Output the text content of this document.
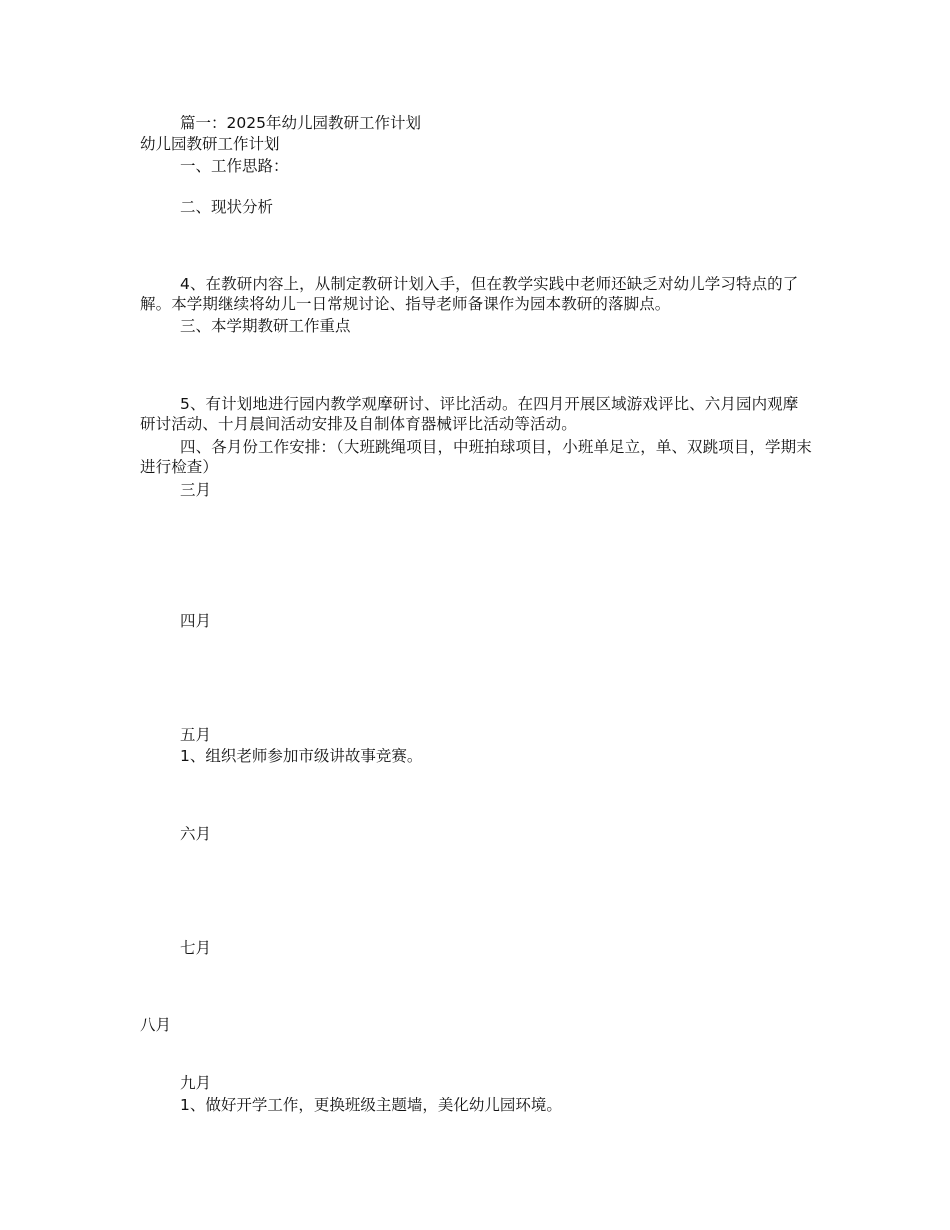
篇一：2025年幼儿园教研工作计划

幼儿园教研工作计划

一、工作思路：

二、现状分析

4、在教研内容上，从制定教研计划入手，但在教学实践中老师还缺乏对幼儿学习特点的了解。本学期继续将幼儿一日常规讨论、指导老师备课作为园本教研的落脚点。

三、本学期教研工作重点

5、有计划地进行园内教学观摩研讨、评比活动。在四月开展区域游戏评比、六月园内观摩研讨活动、十月晨间活动安排及自制体育器械评比活动等活动。

四、各月份工作安排：（大班跳绳项目，中班拍球项目，小班单足立，单、双跳项目，学期末进行检查）

三月

四月

五月

1、组织老师参加市级讲故事竞赛。

六月

七月

八月

九月

1、做好开学工作，更换班级主题墙，美化幼儿园环境。
